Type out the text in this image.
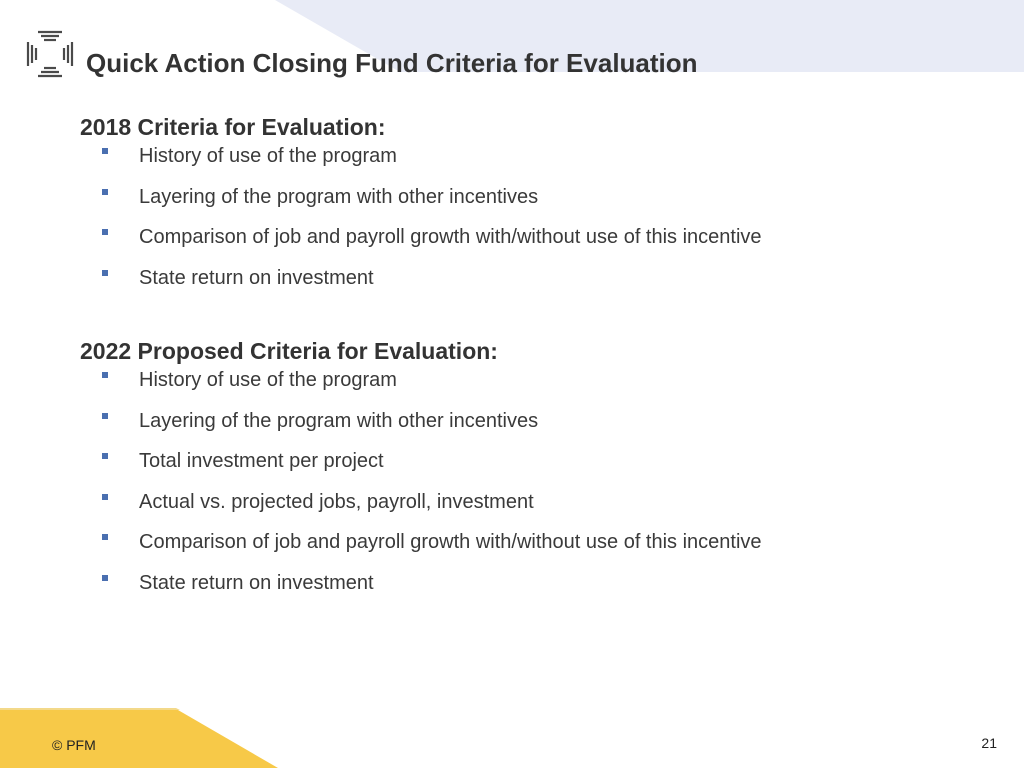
Quick Action Closing Fund Criteria for Evaluation
2018 Criteria for Evaluation:
History of use of the program
Layering of the program with other incentives
Comparison of job and payroll growth with/without use of this incentive
State return on investment
2022 Proposed Criteria for Evaluation:
History of use of the program
Layering of the program with other incentives
Total investment per project
Actual vs. projected jobs, payroll, investment
Comparison of job and payroll growth with/without use of this incentive
State return on investment
© PFM	21
